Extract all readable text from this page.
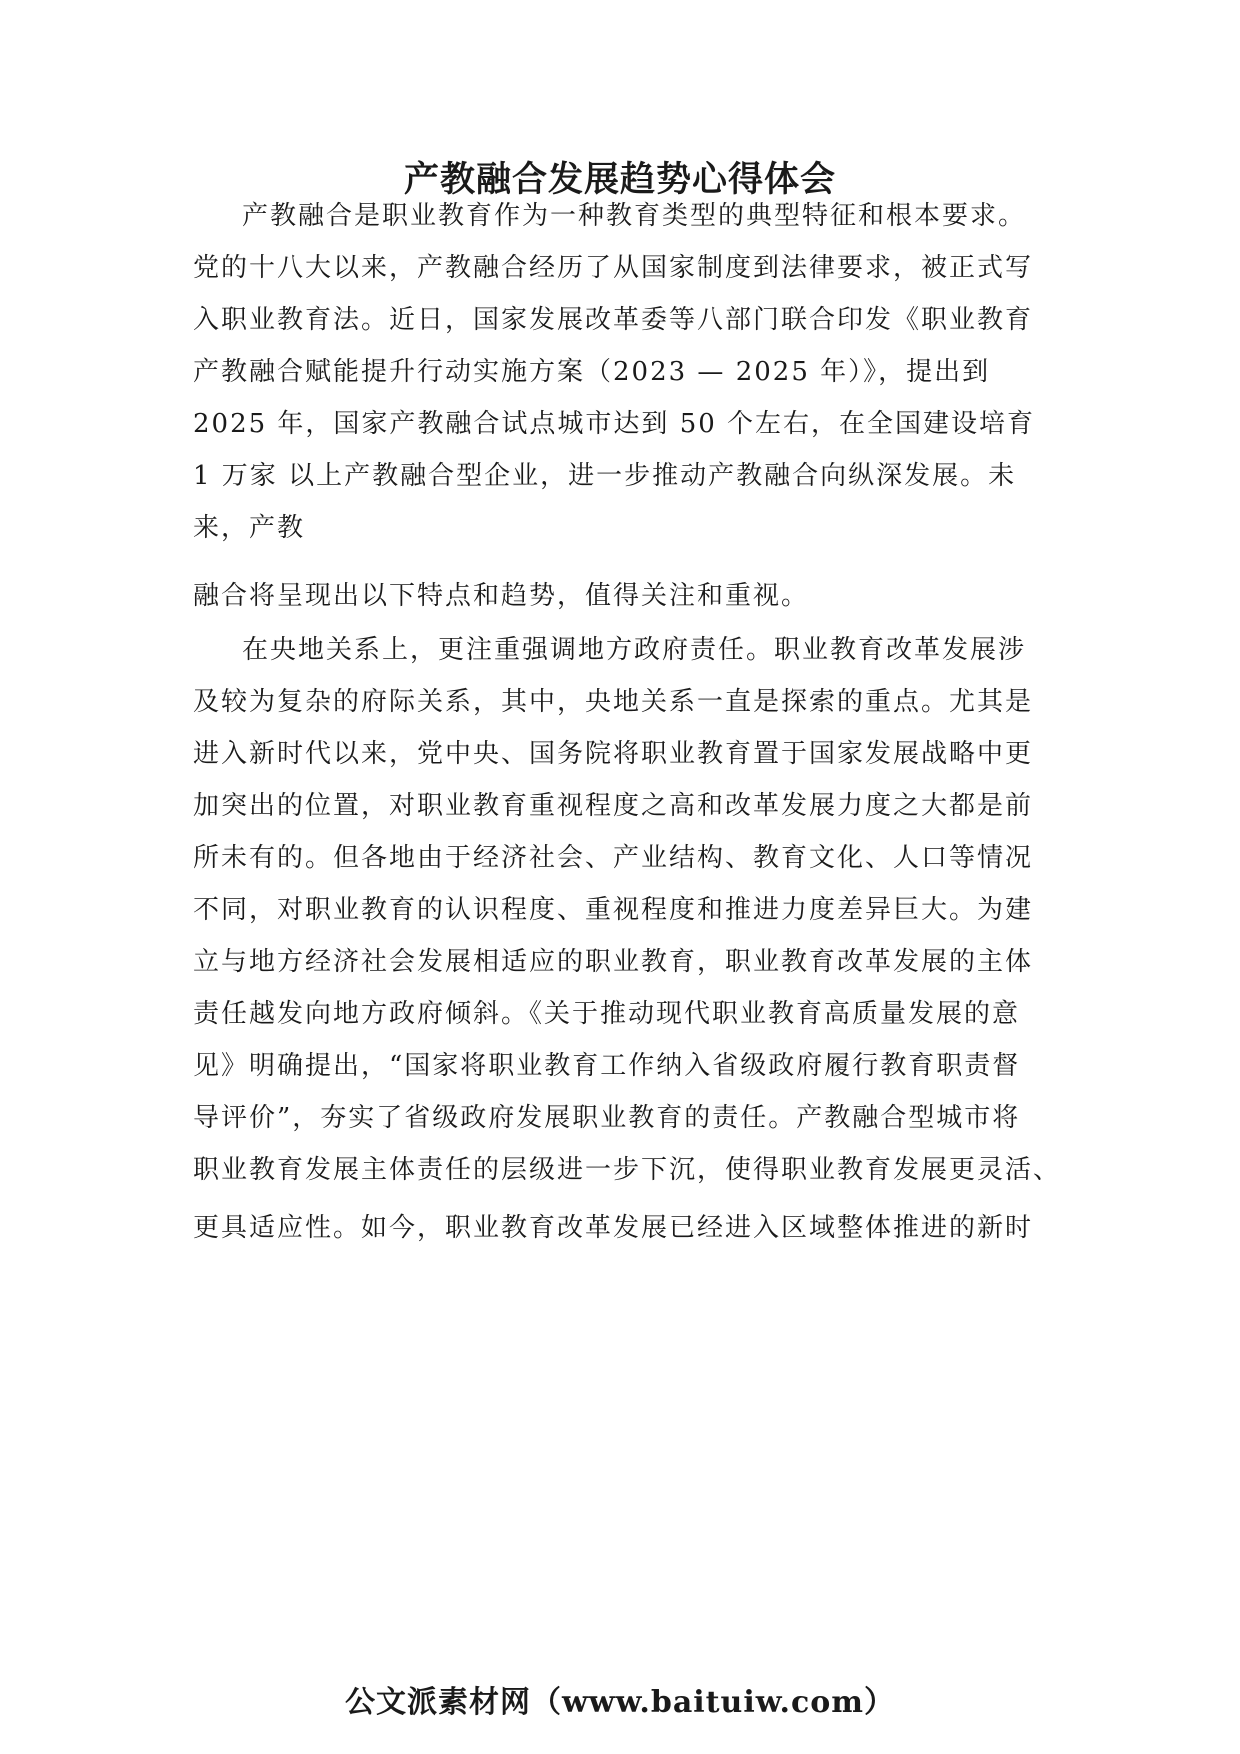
产教融合发展趋势心得体会
产教融合是职业教育作为一种教育类型的典型特征和根本要求。
党的十八大以来，产教融合经历了从国家制度到法律要求，被正式写
入职业教育法。近日，国家发展改革委等八部门联合印发《职业教育
产教融合赋能提升行动实施方案（2023 — 2025 年）》，提出到
2025 年，国家产教融合试点城市达到 50 个左右，在全国建设培育
1 万家 以上产教融合型企业，进一步推动产教融合向纵深发展。未
来，产教
融合将呈现出以下特点和趋势，值得关注和重视。
在央地关系上，更注重强调地方政府责任。职业教育改革发展涉
及较为复杂的府际关系，其中，央地关系一直是探索的重点。尤其是
进入新时代以来，党中央、国务院将职业教育置于国家发展战略中更
加突出的位置，对职业教育重视程度之高和改革发展力度之大都是前
所未有的。但各地由于经济社会、产业结构、教育文化、人口等情况
不同，对职业教育的认识程度、重视程度和推进力度差异巨大。为建
立与地方经济社会发展相适应的职业教育，职业教育改革发展的主体
责任越发向地方政府倾斜。《关于推动现代职业教育高质量发展的意
见》明确提出，“国家将职业教育工作纳入省级政府履行教育职责督
导评价”，夯实了省级政府发展职业教育的责任。产教融合型城市将
职业教育发展主体责任的层级进一步下沉，使得职业教育发展更灵活、
更具适应性。如今，职业教育改革发展已经进入区域整体推进的新时
公文派素材网（www.baituiw.com）
